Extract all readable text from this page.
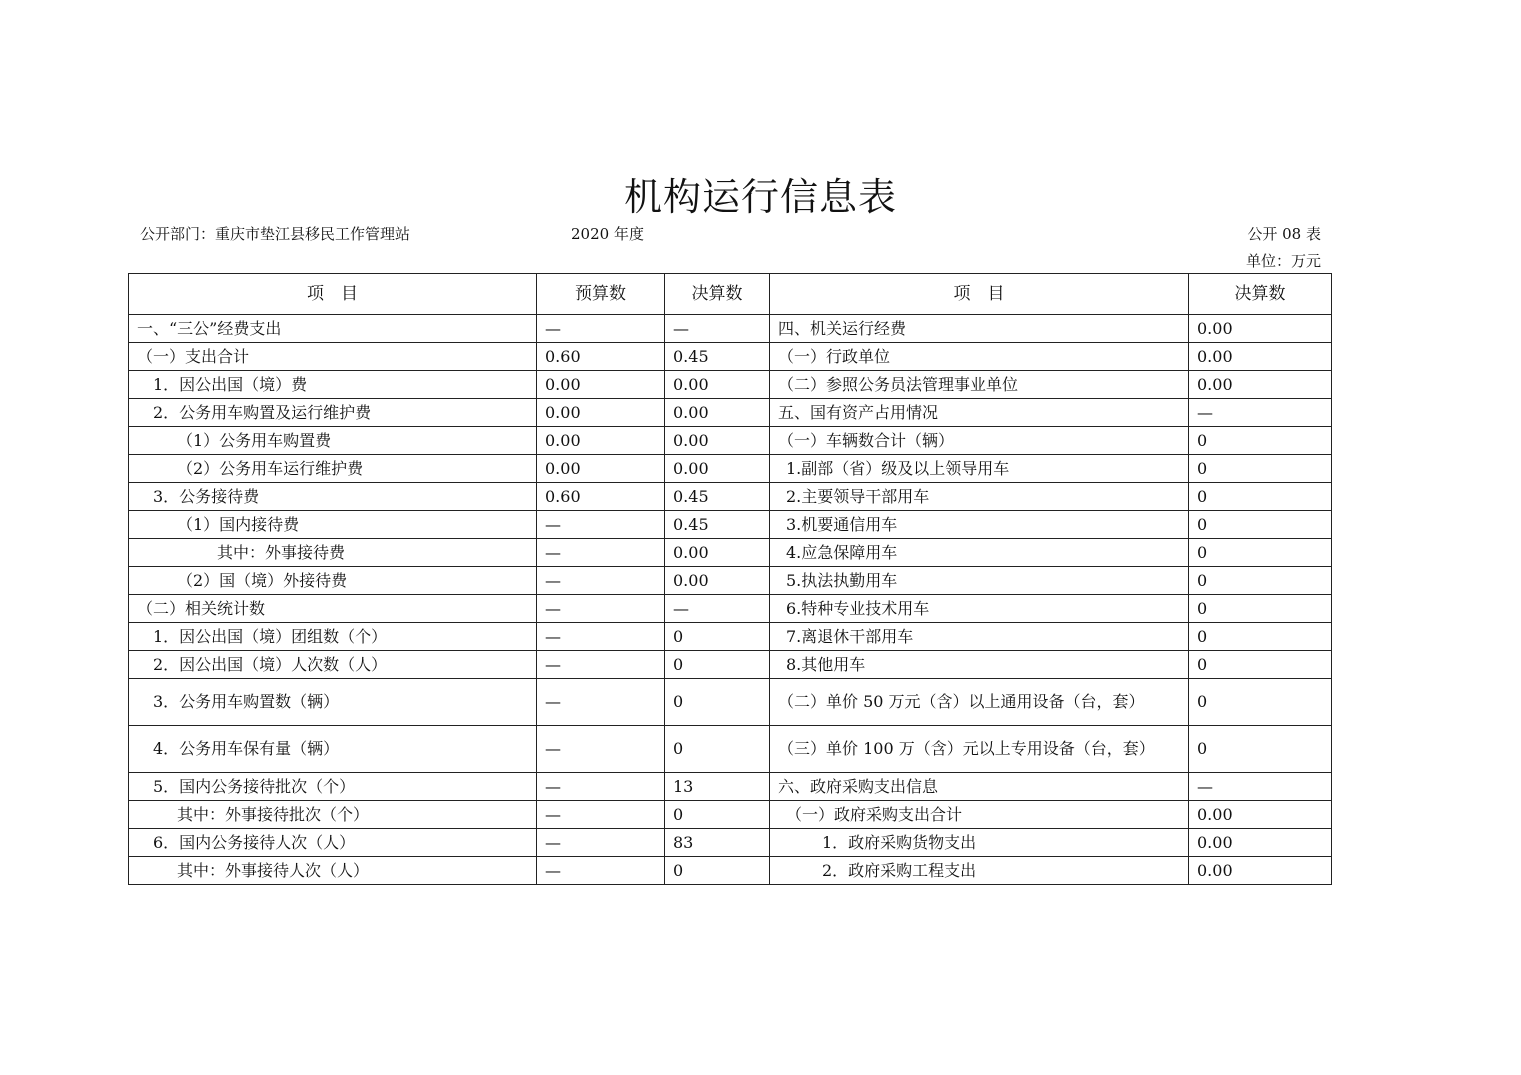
机构运行信息表
公开部门：重庆市垫江县移民工作管理站	2020 年度	公开 08 表
单位：万元
项　目	预算数	决算数	项　目	决算数
一、“三公”经费支出	—	—	四、机关运行经费	0.00
（一）支出合计	0.60	0.45	（一）行政单位	0.00
1．因公出国（境）费	0.00	0.00	（二）参照公务员法管理事业单位	0.00
2．公务用车购置及运行维护费	0.00	0.00	五、国有资产占用情况	—
（1）公务用车购置费	0.00	0.00	（一）车辆数合计（辆）	0
（2）公务用车运行维护费	0.00	0.00	1.副部（省）级及以上领导用车	0
3．公务接待费	0.60	0.45	2.主要领导干部用车	0
（1）国内接待费	—	0.45	3.机要通信用车	0
其中：外事接待费	—	0.00	4.应急保障用车	0
（2）国（境）外接待费	—	0.00	5.执法执勤用车	0
（二）相关统计数	—	—	6.特种专业技术用车	0
1．因公出国（境）团组数（个）	—	0	7.离退休干部用车	0
2．因公出国（境）人次数（人）	—	0	8.其他用车	0
3．公务用车购置数（辆）	—	0	（二）单价 50 万元（含）以上通用设备（台，套）	0
4．公务用车保有量（辆）	—	0	（三）单价 100 万（含）元以上专用设备（台，套）	0
5．国内公务接待批次（个）	—	13	六、政府采购支出信息	—
其中：外事接待批次（个）	—	0	（一）政府采购支出合计	0.00
6．国内公务接待人次（人）	—	83	1．政府采购货物支出	0.00
其中：外事接待人次（人）	—	0	2．政府采购工程支出	0.00
